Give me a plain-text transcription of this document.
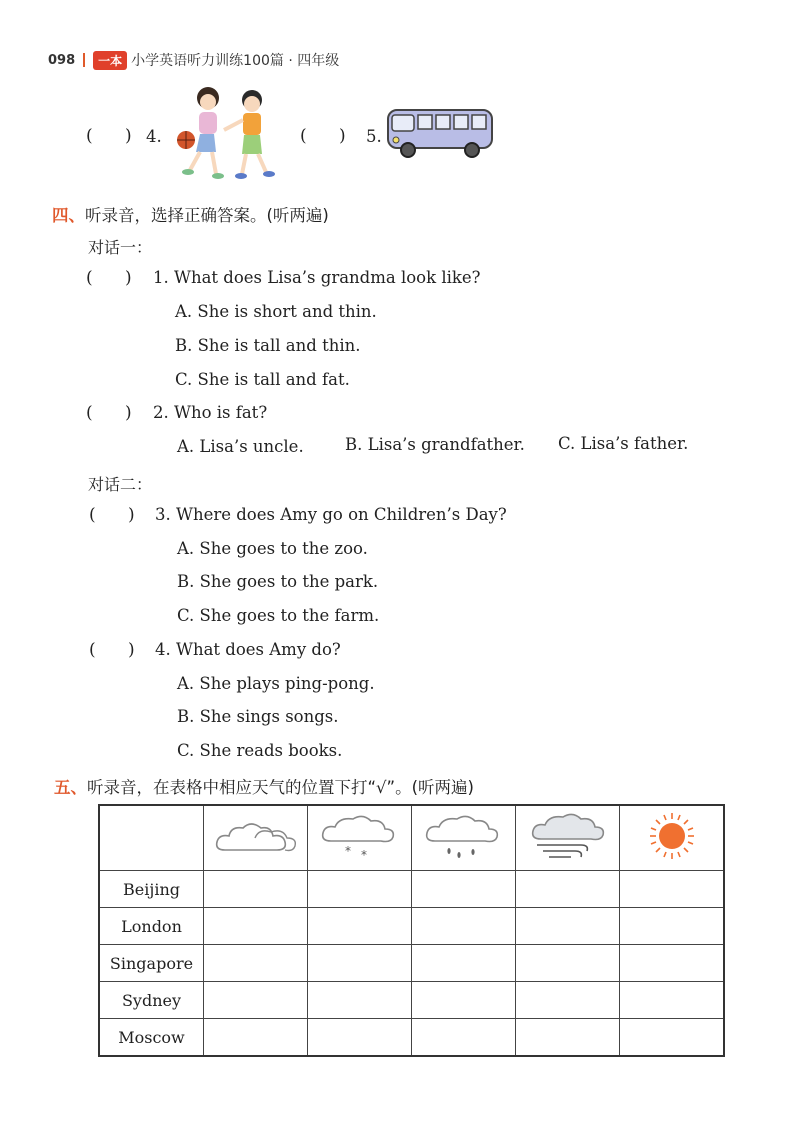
098	一本 小学英语听力训练100篇 · 四年级
(      ) 4.	(      ) 5.
四、听录音，选择正确答案。(听两遍)
对话一：
(      ) 1. What does Lisa’s grandma look like?
A. She is short and thin.
B. She is tall and thin.
C. She is tall and fat.
(      ) 2. Who is fat?
A. Lisa’s uncle.	B. Lisa’s grandfather. C. Lisa’s father.
对话二：
(      ) 3. Where does Amy go on Children’s Day?
A. She goes to the zoo.
B. She goes to the park.
C. She goes to the farm.
(      ) 4. What does Amy do?
A. She plays ping-pong.
B. She sings songs.
C. She reads books.
五、听录音，在表格中相应天气的位置下打“√”。(听两遍)

* *

Beijing					
London					
Singapore					
Sydney					
Moscow					
